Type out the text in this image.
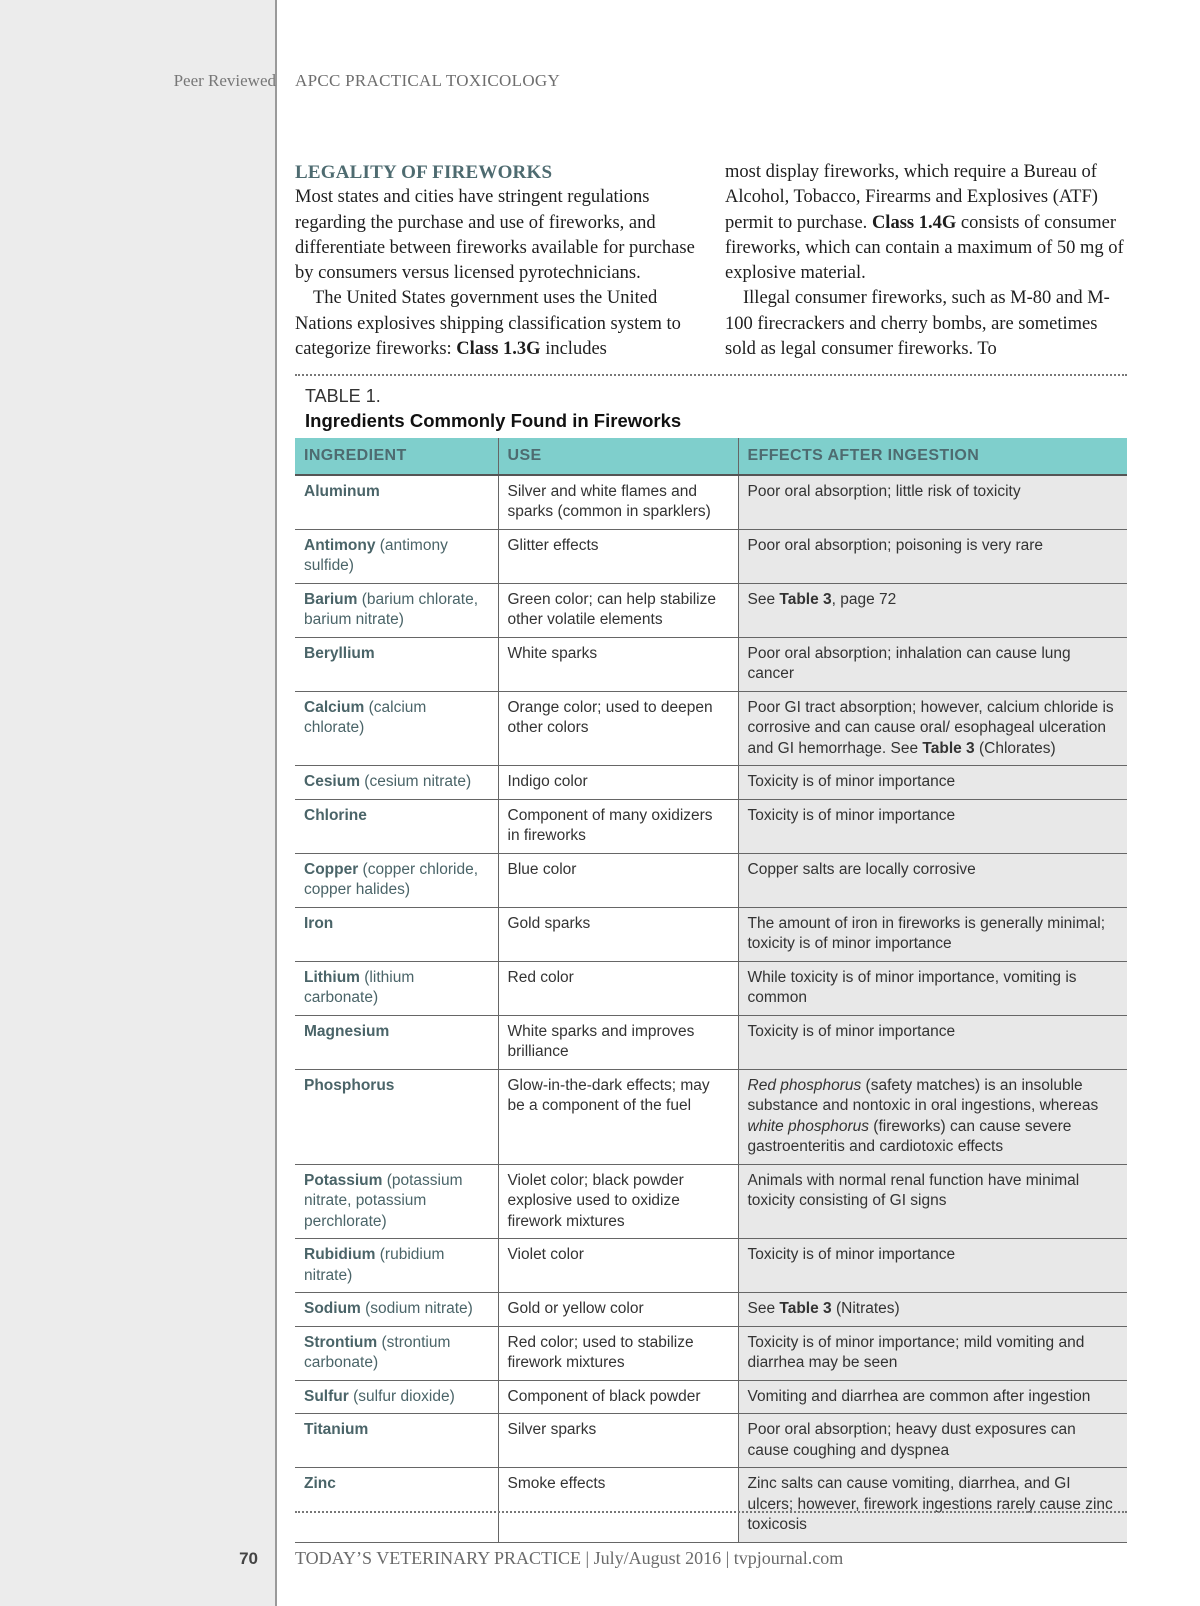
Peer Reviewed APCC PRACTICAL TOXICOLOGY
LEGALITY OF FIREWORKS

Most states and cities have stringent regulations regarding the purchase and use of fireworks, and differentiate between fireworks available for purchase by consumers versus licensed pyrotechnicians.

The United States government uses the United Nations explosives shipping classification system to categorize fireworks: Class 1.3G includes

most display fireworks, which require a Bureau of Alcohol, Tobacco, Firearms and Explosives (ATF) permit to purchase. Class 1.4G consists of consumer fireworks, which can contain a maximum of 50 mg of explosive material.

Illegal consumer fireworks, such as M-80 and M-100 firecrackers and cherry bombs, are sometimes sold as legal consumer fireworks. To

TABLE 1.
Ingredients Commonly Found in Fireworks
INGREDIENT	USE	EFFECTS AFTER INGESTION
Aluminum	Silver and white flames and sparks (common in sparklers)	Poor oral absorption; little risk of toxicity
Antimony (antimony sulfide)	Glitter effects	Poor oral absorption; poisoning is very rare
Barium (barium chlorate, barium nitrate)	Green color; can help stabilize other volatile elements	See Table 3, page 72
Beryllium	White sparks	Poor oral absorption; inhalation can cause lung cancer
Calcium (calcium chlorate)	Orange color; used to deepen other colors	Poor GI tract absorption; however, calcium chloride is corrosive and can cause oral/ esophageal ulceration and GI hemorrhage. See Table 3 (Chlorates)
Cesium (cesium nitrate)	Indigo color	Toxicity is of minor importance
Chlorine	Component of many oxidizers in fireworks	Toxicity is of minor importance
Copper (copper chloride, copper halides)	Blue color	Copper salts are locally corrosive
Iron	Gold sparks	The amount of iron in fireworks is generally minimal; toxicity is of minor importance
Lithium (lithium carbonate)	Red color	While toxicity is of minor importance, vomiting is common
Magnesium	White sparks and improves brilliance	Toxicity is of minor importance
Phosphorus	Glow-in-the-dark effects; may be a component of the fuel	Red phosphorus (safety matches) is an insoluble substance and nontoxic in oral ingestions, whereas white phosphorus (fireworks) can cause severe gastroenteritis and cardiotoxic effects
Potassium (potassium nitrate, potassium perchlorate)	Violet color; black powder explosive used to oxidize firework mixtures	Animals with normal renal function have minimal toxicity consisting of GI signs
Rubidium (rubidium nitrate)	Violet color	Toxicity is of minor importance
Sodium (sodium nitrate)	Gold or yellow color	See Table 3 (Nitrates)
Strontium (strontium carbonate)	Red color; used to stabilize firework mixtures	Toxicity is of minor importance; mild vomiting and diarrhea may be seen
Sulfur (sulfur dioxide)	Component of black powder	Vomiting and diarrhea are common after ingestion
Titanium	Silver sparks	Poor oral absorption; heavy dust exposures can cause coughing and dyspnea
Zinc	Smoke effects	Zinc salts can cause vomiting, diarrhea, and GI ulcers; however, firework ingestions rarely cause zinc toxicosis
70 TODAY’S VETERINARY PRACTICE | July/August 2016 | tvpjournal.com
